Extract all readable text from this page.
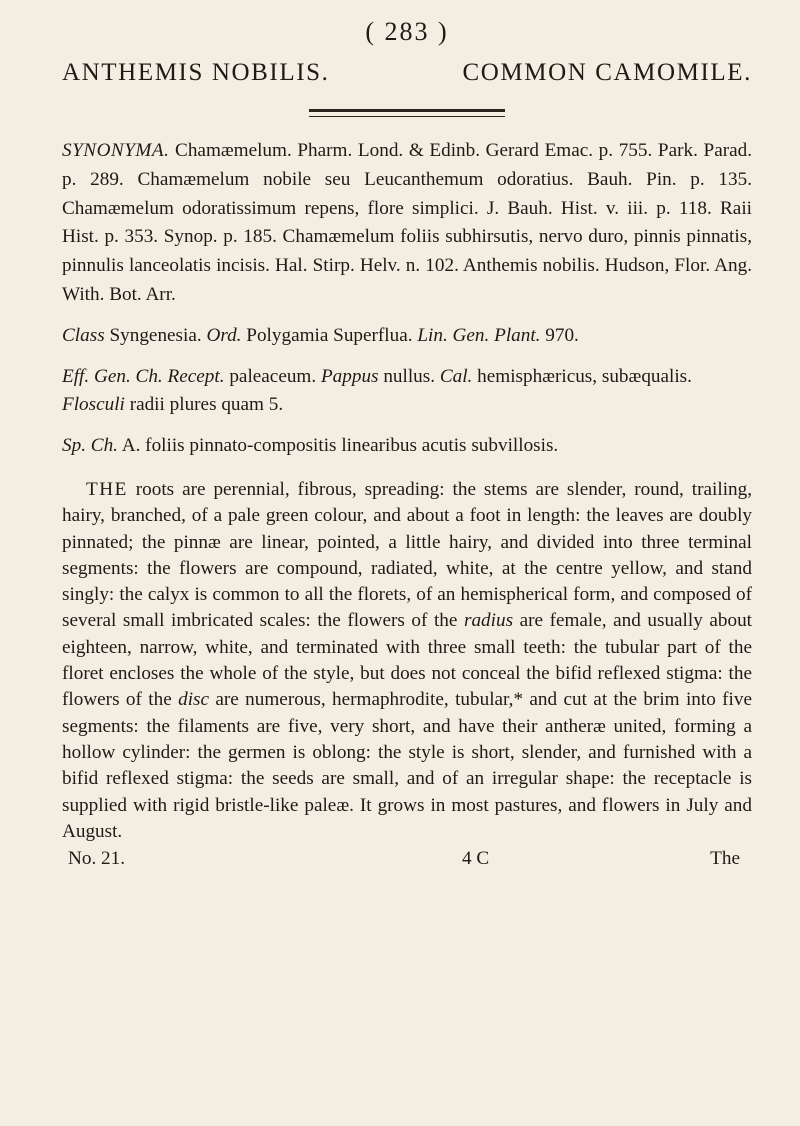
( 283 )
ANTHEMIS NOBILIS.	COMMON CAMOMILE.
SYNONYMA. Chamæmelum. Pharm. Lond. & Edinb. Gerard Emac. p. 755. Park. Parad. p. 289. Chamæmelum nobile seu Leucanthemum odoratius. Bauh. Pin. p. 135. Chamæmelum odoratissimum repens, flore simplici. J. Bauh. Hist. v. iii. p. 118. Raii Hist. p. 353. Synop. p. 185. Chamæmelum foliis subhirsutis, nervo duro, pinnis pinnatis, pinnulis lanceolatis incisis. Hal. Stirp. Helv. n. 102. Anthemis nobilis. Hudson, Flor. Ang. With. Bot. Arr.
Class Syngenesia. Ord. Polygamia Superflua. Lin. Gen. Plant. 970.
Eff. Gen. Ch. Recept. paleaceum. Pappus nullus. Cal. hemisphæricus, subæqualis. Flosculi radii plures quam 5.
Sp. Ch. A. foliis pinnato-compositis linearibus acutis subvillosis.
THE roots are perennial, fibrous, spreading: the stems are slender, round, trailing, hairy, branched, of a pale green colour, and about a foot in length: the leaves are doubly pinnated; the pinnæ are linear, pointed, a little hairy, and divided into three terminal segments: the flowers are compound, radiated, white, at the centre yellow, and stand singly: the calyx is common to all the florets, of an hemispherical form, and composed of several small imbricated scales: the flowers of the radius are female, and usually about eighteen, narrow, white, and terminated with three small teeth: the tubular part of the floret encloses the whole of the style, but does not conceal the bifid reflexed stigma: the flowers of the disc are numerous, hermaphrodite, tubular,* and cut at the brim into five segments: the filaments are five, very short, and have their antheræ united, forming a hollow cylinder: the germen is oblong: the style is short, slender, and furnished with a bifid reflexed stigma: the seeds are small, and of an irregular shape: the receptacle is supplied with rigid bristle-like paleæ. It grows in most pastures, and flowers in July and August.
No. 21.	4 C	The
